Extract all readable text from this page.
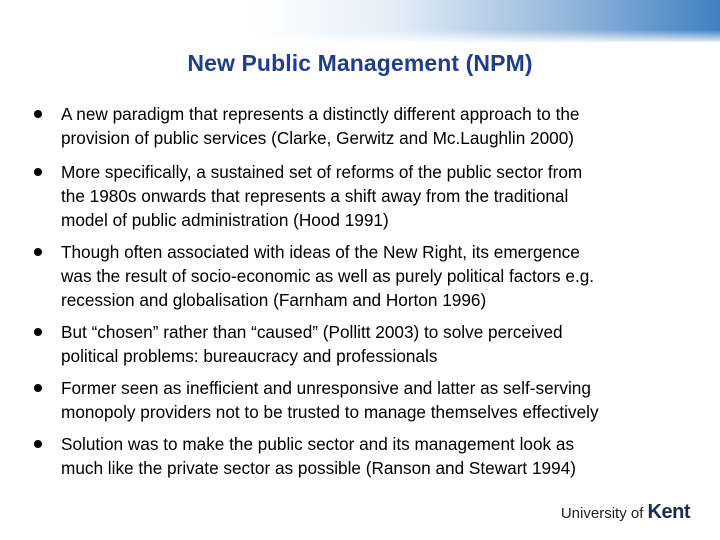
New Public Management (NPM)
A new paradigm that represents a distinctly different approach to the
provision of public services (Clarke, Gerwitz and Mc.Laughlin 2000)
More specifically, a sustained set of reforms of the public sector from
the 1980s onwards that represents a shift away from the traditional
model of public administration (Hood 1991)
Though often associated with ideas of the New Right, its emergence
was the result of socio-economic as well as purely political factors e.g.
recession and globalisation (Farnham and Horton 1996)
But “chosen” rather than “caused” (Pollitt 2003) to solve perceived
political problems: bureaucracy and professionals
Former seen as inefficient and unresponsive and latter as self-serving
monopoly providers not to be trusted to manage themselves effectively
Solution was to make the public sector and its management look as
much like the private sector as possible (Ranson and Stewart 1994)
University of Kent
